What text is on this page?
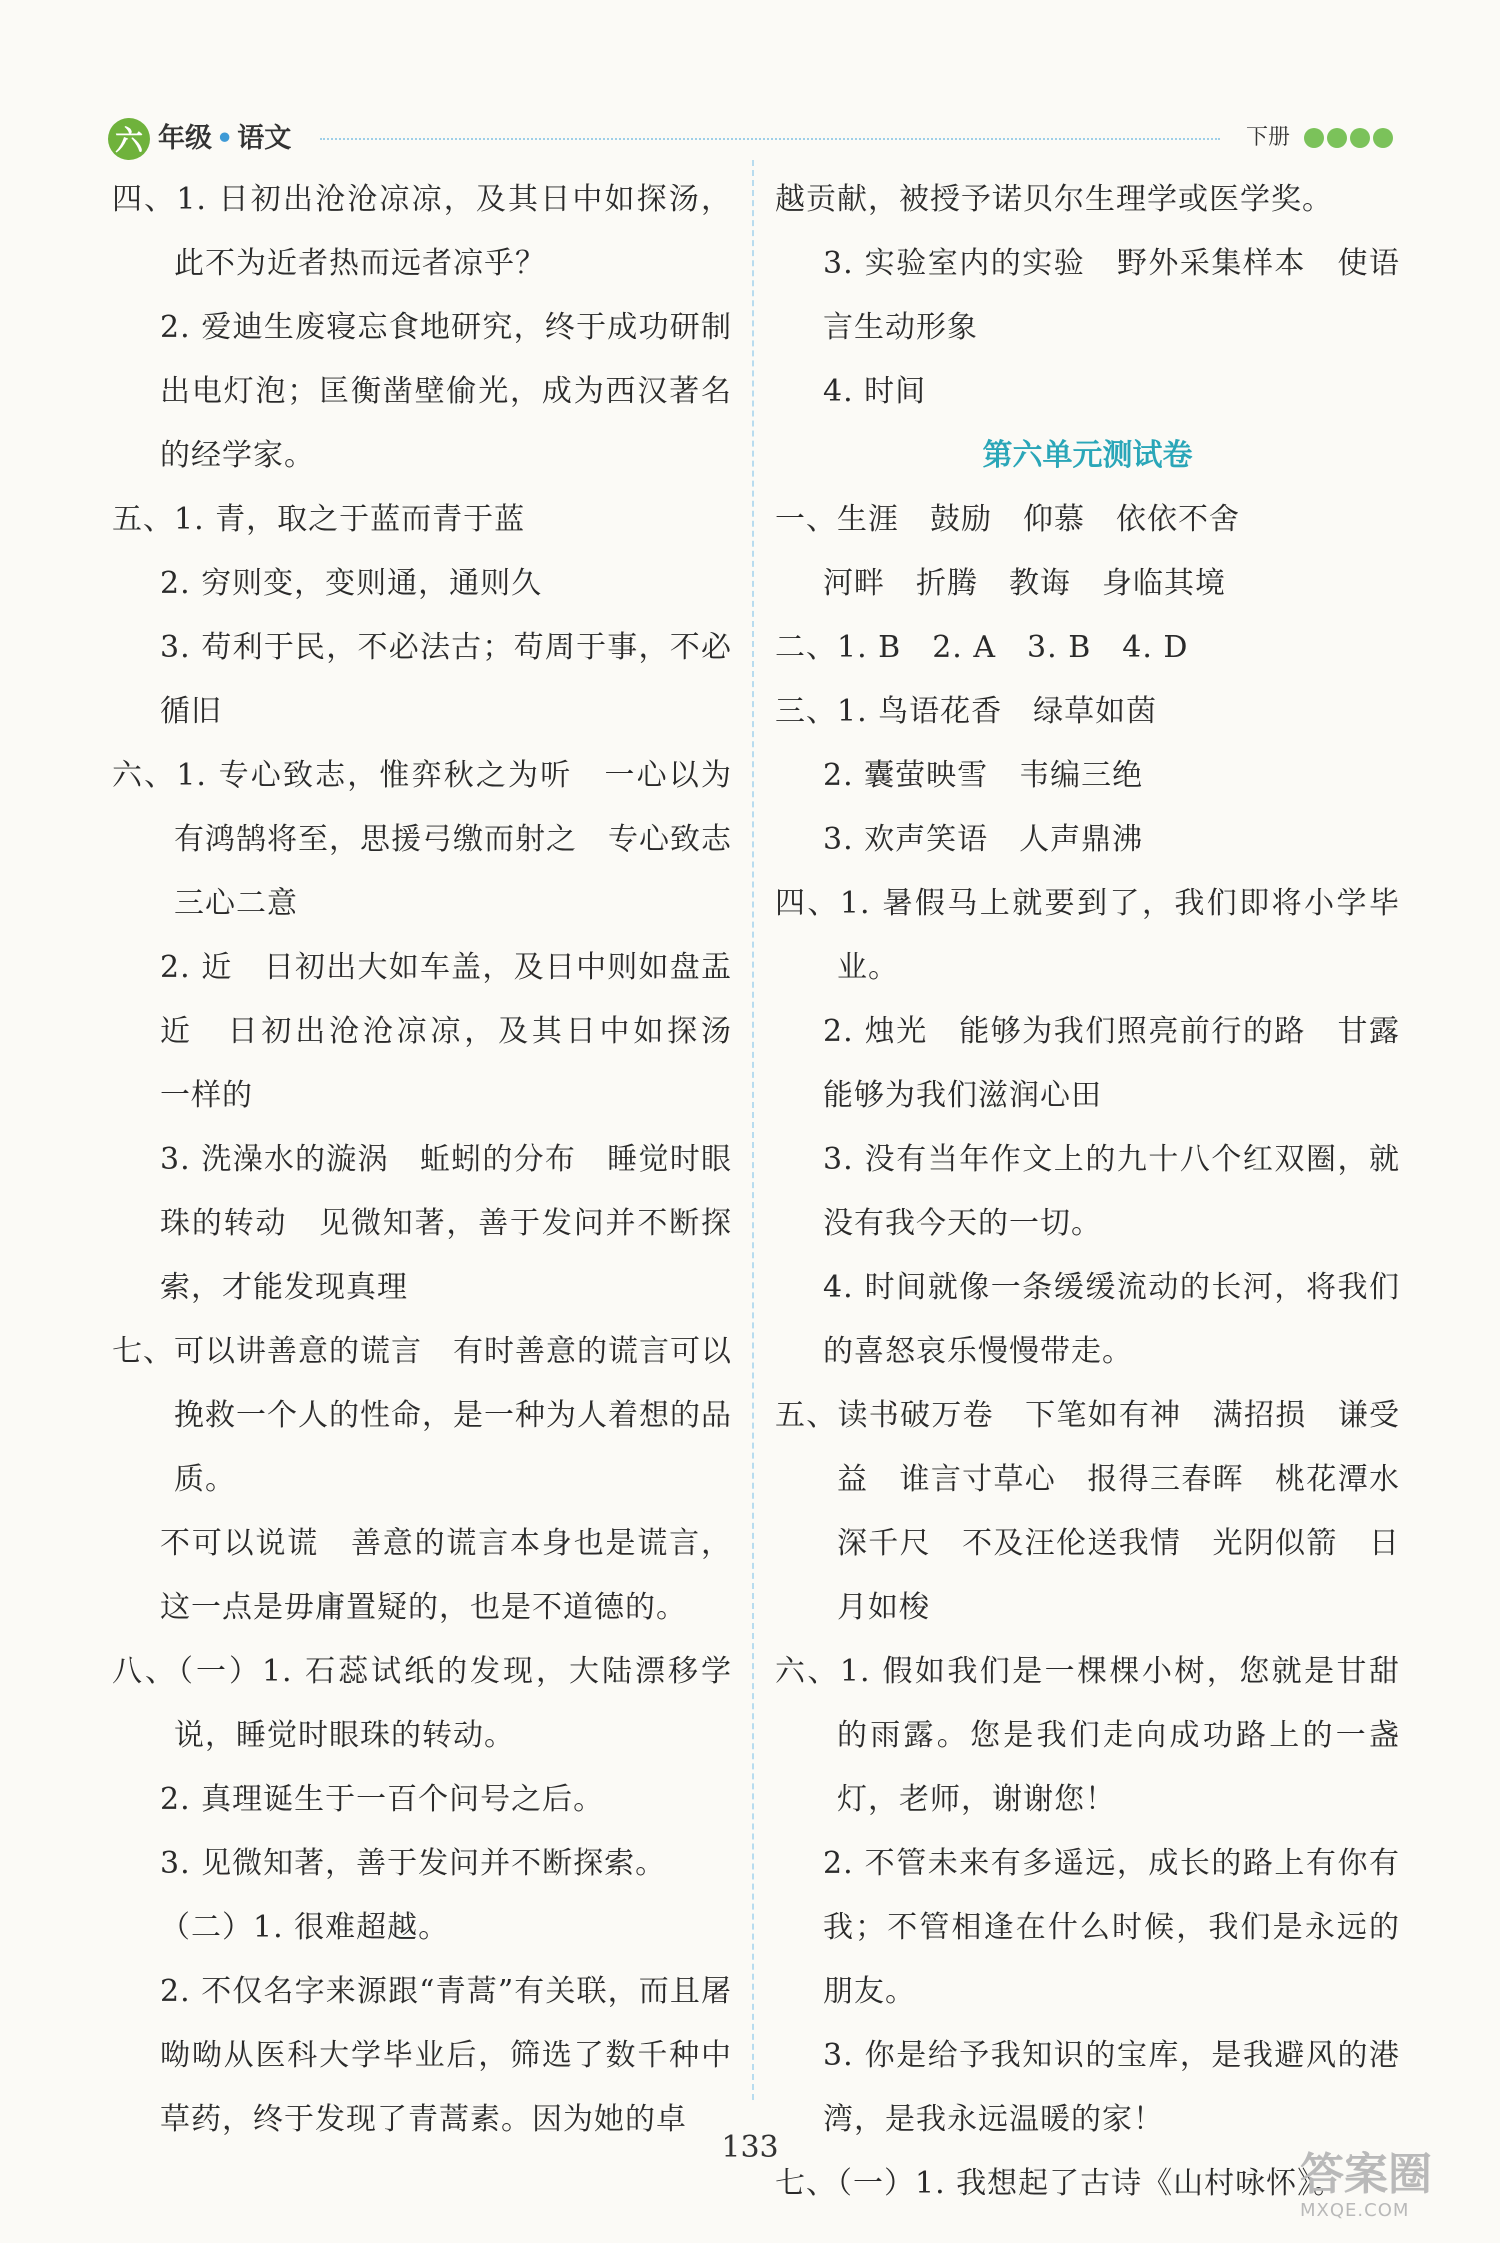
六 年级 • 语文	下册

四、1. 日初出沧沧凉凉，及其日中如探汤，此不为近者热而远者凉乎？

2. 爱迪生废寝忘食地研究，终于成功研制出电灯泡；匡衡凿壁偷光，成为西汉著名的经学家。

五、1. 青，取之于蓝而青于蓝

2. 穷则变，变则通，通则久

3. 苟利于民，不必法古；苟周于事，不必循旧

六、1. 专心致志，惟弈秋之为听　一心以为有鸿鹄将至，思援弓缴而射之　专心致志　三心二意

2. 近　日初出大如车盖，及日中则如盘盂　近　日初出沧沧凉凉，及其日中如探汤　一样的

3. 洗澡水的漩涡　蚯蚓的分布　睡觉时眼珠的转动　见微知著，善于发问并不断探索，才能发现真理

七、可以讲善意的谎言　有时善意的谎言可以挽救一个人的性命，是一种为人着想的品质。

不可以说谎　善意的谎言本身也是谎言，这一点是毋庸置疑的，也是不道德的。

八、（一）1. 石蕊试纸的发现，大陆漂移学说，睡觉时眼珠的转动。

2. 真理诞生于一百个问号之后。

3. 见微知著，善于发问并不断探索。

（二）1. 很难超越。

2. 不仅名字来源跟“青蒿”有关联，而且屠呦呦从医科大学毕业后，筛选了数千种中草药，终于发现了青蒿素。因为她的卓

越贡献，被授予诺贝尔生理学或医学奖。

3. 实验室内的实验　野外采集样本　使语言生动形象

4. 时间

第六单元测试卷

一、生涯　鼓励　仰慕　依依不舍

河畔　折腾　教诲　身临其境

二、1. B　2. A　3. B　4. D

三、1. 鸟语花香　绿草如茵

2. 囊萤映雪　韦编三绝

3. 欢声笑语　人声鼎沸

四、1. 暑假马上就要到了，我们即将小学毕业。

2. 烛光　能够为我们照亮前行的路　甘露　能够为我们滋润心田

3. 没有当年作文上的九十八个红双圈，就没有我今天的一切。

4. 时间就像一条缓缓流动的长河，将我们的喜怒哀乐慢慢带走。

五、读书破万卷　下笔如有神　满招损　谦受益　谁言寸草心　报得三春晖　桃花潭水深千尺　不及汪伦送我情　光阴似箭　日月如梭

六、1. 假如我们是一棵棵小树，您就是甘甜的雨露。您是我们走向成功路上的一盏灯，老师，谢谢您！

2. 不管未来有多遥远，成长的路上有你有我；不管相逢在什么时候，我们是永远的朋友。

3. 你是给予我知识的宝库，是我避风的港湾，是我永远温暖的家！

七、（一）1. 我想起了古诗《山村咏怀》。

133
答案圈
MXQE.COM
